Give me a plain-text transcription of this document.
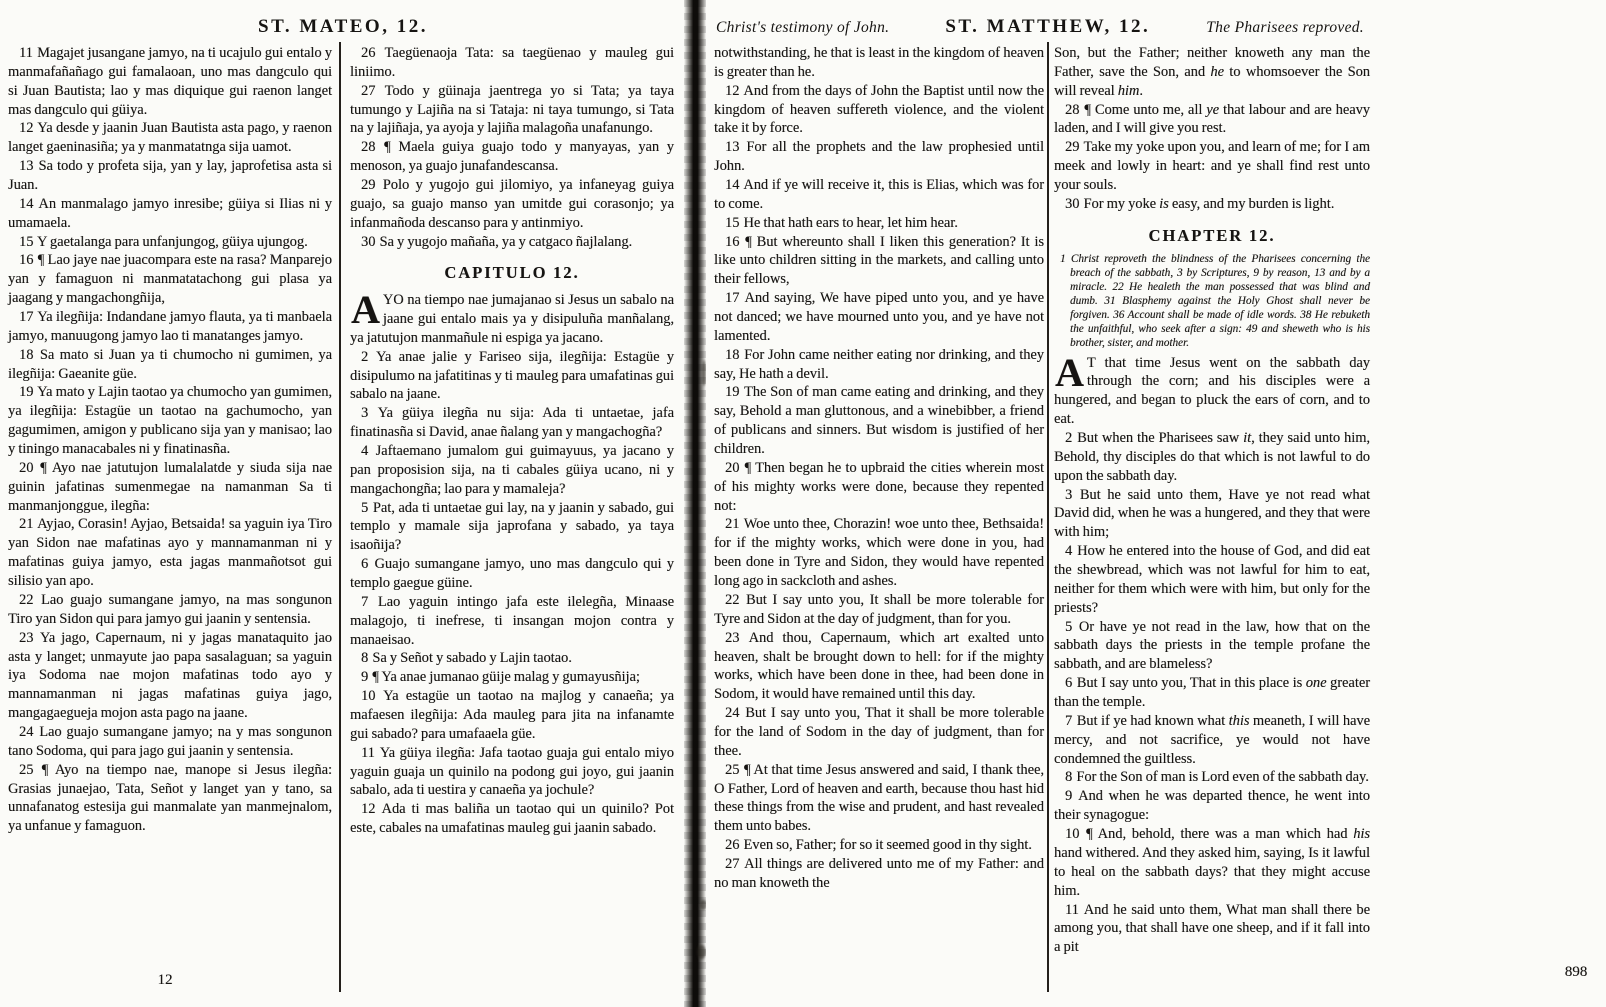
ST. MATEO, 12.

11 Magajet jusangane jamyo, na ti ucajulo gui entalo y manmafañañago gui famalaoan, uno mas dangculo qui si Juan Bautista; lao y mas diquique gui raenon langet mas dangculo qui güiya.

12 Ya desde y jaanin Juan Bautista asta pago, y raenon langet gaeninasiña; ya y manmatatnga sija uamot.

13 Sa todo y profeta sija, yan y lay, japrofetisa asta si Juan.

14 An manmalago jamyo inresibe; güiya si Ilias ni y umamaela.

15 Y gaetalanga para unfanjungog, güiya ujungog.

16 ¶ Lao jaye nae juacompara este na rasa? Manparejo yan y famaguon ni manmatatachong gui plasa ya jaagang y mangachongñija,

17 Ya ilegñija: Indandane jamyo flauta, ya ti manbaela jamyo, manuugong jamyo lao ti manatanges jamyo.

18 Sa mato si Juan ya ti chumocho ni gumimen, ya ilegñija: Gaeanite güe.

19 Ya mato y Lajin taotao ya chumocho yan gumimen, ya ilegñija: Estagüe un taotao na gachumocho, yan gagumimen, amigon y publicano sija yan y manisao; lao y tiningo manacabales ni y finatinasña.

20 ¶ Ayo nae jatutujon lumalalatde y siuda sija nae guinin jafatinas sumenmegae na namanman Sa ti manmanjonggue, ilegña:

21 Ayjao, Corasin! Ayjao, Betsaida! sa yaguin iya Tiro yan Sidon nae mafatinas ayo y mannamanman ni y mafatinas guiya jamyo, esta jagas manmañotsot gui silisio yan apo.

22 Lao guajo sumangane jamyo, na mas songunon Tiro yan Sidon qui para jamyo gui jaanin y sentensia.

23 Ya jago, Capernaum, ni y jagas manataquito jao asta y langet; unmayute jao papa sasalaguan; sa yaguin iya Sodoma nae mojon mafatinas todo ayo y mannamanman ni jagas mafatinas guiya jago, mangagaegueja mojon asta pago na jaane.

24 Lao guajo sumangane jamyo; na y mas songunon tano Sodoma, qui para jago gui jaanin y sentensia.

25 ¶ Ayo na tiempo nae, manope si Jesus ilegña: Grasias junaejao, Tata, Señot y langet yan y tano, sa unnafanatog estesija gui manmalate yan manmejnalom, ya unfanue y famaguon.

26 Taegüenaoja Tata: sa taegüenao y mauleg gui liniimo.

27 Todo y güinaja jaentrega yo si Tata; ya taya tumungo y Lajiña na si Tataja: ni taya tumungo, si Tata na y lajiñaja, ya ayoja y lajiña malagoña unafanungo.

28 ¶ Maela guiya guajo todo y manyayas, yan y menoson, ya guajo junafandescansa.

29 Polo y yugojo gui jilomiyo, ya infaneyag guiya guajo, sa guajo manso yan umitde gui corasonjo; ya infanmañoda descanso para y antinmiyo.

30 Sa y yugojo mañaña, ya y catgaco ñajlalang.

CAPITULO 12.

AYO na tiempo nae jumajanao si Jesus un sabalo na jaane gui entalo mais ya y disipuluña manñalang, ya jatutujon manmañule ni espiga ya jacano.

2 Ya anae jalie y Fariseo sija, ilegñija: Estagüe y disipulumo na jafatitinas y ti mauleg para umafatinas gui sabalo na jaane.

3 Ya güiya ilegña nu sija: Ada ti untaetae, jafa finatinasña si David, anae ñalang yan y mangachogña?

4 Jaftaemano jumalom gui guimayuus, ya jacano y pan proposision sija, na ti cabales güiya ucano, ni y mangachongña; lao para y mamaleja?

5 Pat, ada ti untaetae gui lay, na y jaanin y sabado, gui templo y mamale sija japrofana y sabado, ya taya isaoñija?

6 Guajo sumangane jamyo, uno mas dangculo qui y templo gaegue güine.

7 Lao yaguin intingo jafa este ilelegña, Minaase malagojo, ti inefrese, ti insangan mojon contra y manaeisao.

8 Sa y Señot y sabado y Lajin taotao.

9 ¶ Ya anae jumanao güije malag y gumayusñija;

10 Ya estagüe un taotao na majlog y canaeña; ya mafaesen ilegñija: Ada mauleg para jita na infanamte gui sabado? para umafaaela güe.

11 Ya güiya ilegña: Jafa taotao guaja gui entalo miyo yaguin guaja un quinilo na podong gui joyo, gui jaanin sabalo, ada ti uestira y canaeña ya jochule?

12 Ada ti mas baliña un taotao qui un quinilo? Pot este, cabales na umafatinas mauleg gui jaanin sabado.

12
Christ's testimony of John.	ST. MATTHEW, 12.	The Pharisees reproved.

notwithstanding, he that is least in the kingdom of heaven is greater than he.

12 And from the days of John the Baptist until now the kingdom of heaven suffereth violence, and the violent take it by force.

13 For all the prophets and the law prophesied until John.

14 And if ye will receive it, this is Elias, which was for to come.

15 He that hath ears to hear, let him hear.

16 ¶ But whereunto shall I liken this generation? It is like unto children sitting in the markets, and calling unto their fellows,

17 And saying, We have piped unto you, and ye have not danced; we have mourned unto you, and ye have not lamented.

18 For John came neither eating nor drinking, and they say, He hath a devil.

19 The Son of man came eating and drinking, and they say, Behold a man gluttonous, and a winebibber, a friend of publicans and sinners. But wisdom is justified of her children.

20 ¶ Then began he to upbraid the cities wherein most of his mighty works were done, because they repented not:

21 Woe unto thee, Chorazin! woe unto thee, Bethsaida! for if the mighty works, which were done in you, had been done in Tyre and Sidon, they would have repented long ago in sackcloth and ashes.

22 But I say unto you, It shall be more tolerable for Tyre and Sidon at the day of judgment, than for you.

23 And thou, Capernaum, which art exalted unto heaven, shalt be brought down to hell: for if the mighty works, which have been done in thee, had been done in Sodom, it would have remained until this day.

24 But I say unto you, That it shall be more tolerable for the land of Sodom in the day of judgment, than for thee.

25 ¶ At that time Jesus answered and said, I thank thee, O Father, Lord of heaven and earth, because thou hast hid these things from the wise and prudent, and hast revealed them unto babes.

26 Even so, Father; for so it seemed good in thy sight.

27 All things are delivered unto me of my Father: and no man knoweth the

Son, but the Father; neither knoweth any man the Father, save the Son, and he to whomsoever the Son will reveal him.

28 ¶ Come unto me, all ye that labour and are heavy laden, and I will give you rest.

29 Take my yoke upon you, and learn of me; for I am meek and lowly in heart: and ye shall find rest unto your souls.

30 For my yoke is easy, and my burden is light.

CHAPTER 12.

1 Christ reproveth the blindness of the Pharisees concerning the breach of the sabbath, 3 by Scriptures, 9 by reason, 13 and by a miracle. 22 He healeth the man possessed that was blind and dumb. 31 Blasphemy against the Holy Ghost shall never be forgiven. 36 Account shall be made of idle words. 38 He rebuketh the unfaithful, who seek after a sign: 49 and sheweth who is his brother, sister, and mother.

A T that time Jesus went on the sabbath day through the corn; and his disciples were a hungered, and began to pluck the ears of corn, and to eat.

2 But when the Pharisees saw it, they said unto him, Behold, thy disciples do that which is not lawful to do upon the sabbath day.

3 But he said unto them, Have ye not read what David did, when he was a hungered, and they that were with him;

4 How he entered into the house of God, and did eat the shewbread, which was not lawful for him to eat, neither for them which were with him, but only for the priests?

5 Or have ye not read in the law, how that on the sabbath days the priests in the temple profane the sabbath, and are blameless?

6 But I say unto you, That in this place is one greater than the temple.

7 But if ye had known what this meaneth, I will have mercy, and not sacrifice, ye would not have condemned the guiltless.

8 For the Son of man is Lord even of the sabbath day.

9 And when he was departed thence, he went into their synagogue:

10 ¶ And, behold, there was a man which had his hand withered. And they asked him, saying, Is it lawful to heal on the sabbath days? that they might accuse him.

11 And he said unto them, What man shall there be among you, that shall have one sheep, and if it fall into a pit

898
